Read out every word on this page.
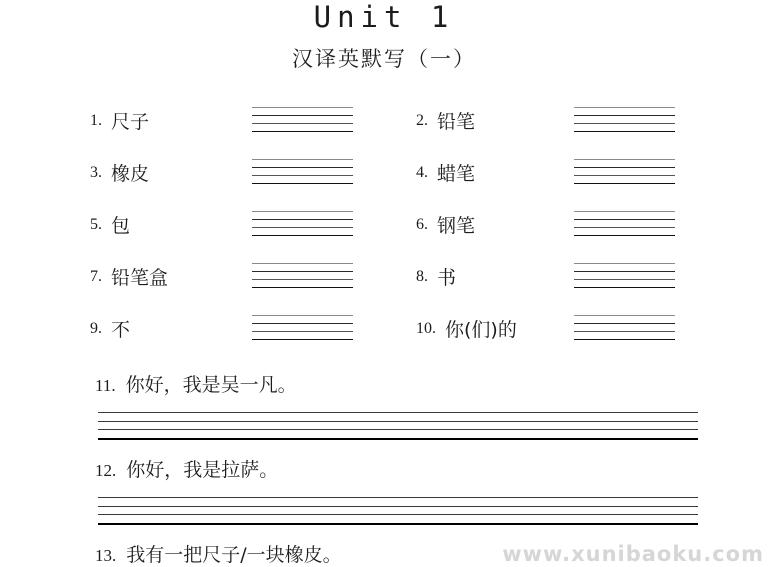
Unit 1
汉译英默写（一）
1. 尺子	2. 铅笔
3. 橡皮	4. 蜡笔
5. 包	6. 钢笔
7. 铅笔盒	8. 书
9. 不	10. 你(们)的
11. 你好，我是吴一凡。
12. 你好，我是拉萨。
13. 我有一把尺子/一块橡皮。	www.xunibaoku.com
